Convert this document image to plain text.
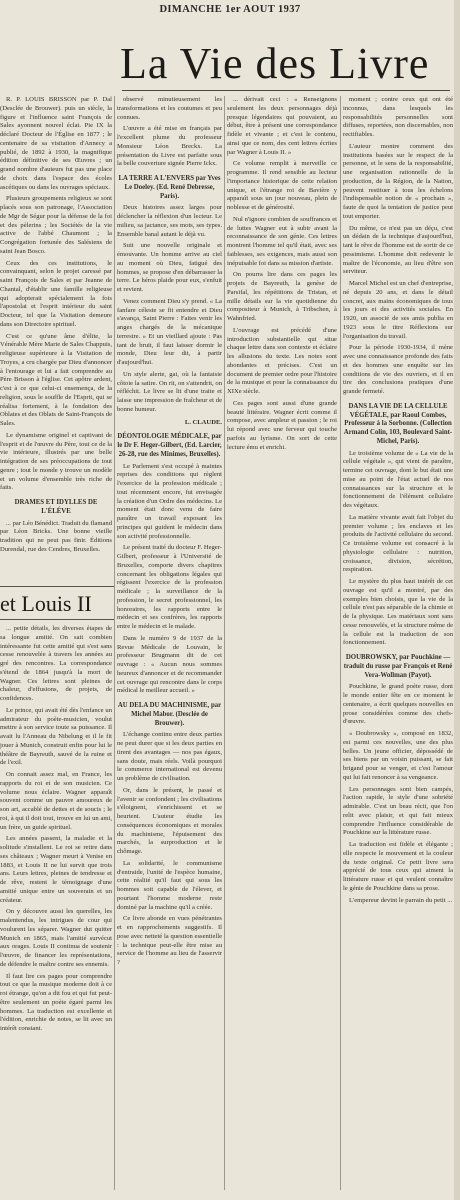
DIMANCHE 1er AOUT 1937
La Vie des Livre

R. P. LOUIS BRISSON par P. Dal (Desclée de Brouwer). puis un siècle, la figure et l'influence saint François de Sales ayonnent nouvel éclat. Pie IX la déclaré Docteur de l'Église en 1877 ; le centenaire de sa visitation d'Annecy a publié, de 1892 à 1930, la magnifique édition définitive de ses Œuvres ; un grand nombre d'auteurs fut pas une place de choix dans l'espace des écoles ascétiques ou dans les ouvrages spéciaux.

Plusieurs groupements religieux se sont placés sous son patronage, l'Association de Mgr de Ségur pour la défense de la foi et des pèlerins ; les Sociétés de la vie active de l'abbé Chaumont ; la Congrégation fortunée des Salésiens de saint Jean Bosco.

Ceux des ces institutions, le convainquant, selon le projet caressé par saint François de Sales et par Jeanne de Chantal, d'établir une famille religieuse qui adopterait spécialement la fois l'apostolat et l'esprit intérieur du saint Docteur, tel que la Visitation demeure dans son Directoire spirituel.

C'est ce qu'une âme d'élite, la Vénérable Mère Marie de Sales Chappuis, religieuse supérieure à la Visitation de Troyes, a cru chargée par Dieu d'annoncer à l'entourage et lui a fait comprendre au Père Brisson à l'église. Cet apôtre ardent, c'est à ce que celui-ci ensemença, de la religion, sous le souffle de l'Esprit, qui se réalisa fortement, à la fondation des Oblates et des Oblats de Saint-François de Sales.

Le dynamisme originel et captivant de l'esprit et de l'œuvre du Père, tout ce de la vie intérieure, illustrés par une belle intégration de ses préoccupations de tout genre ; tout le monde y trouve un modèle et un volume d'ensemble très riche de faits.

DRAMES ET IDYLLES DE L'ÉLÉVE

... par Léo Bénédict. Traduit du flamand par Léon Bricks. Une bonne vieille tradition qui ne peut pas finir. Éditions Durendal, rue des Cendres, Bruxelles.

et Louis II

... petite détails, les diverses étapes de sa longue amitié. On sait combien intéressante fut cette amitié qui s'est sans cesse renouvelée à travers les années au gré des rencontres. La correspondance s'étend de 1864 jusqu'à la mort de Wagner. Ces lettres sont pleines de chaleur, d'effusions, de projets, de confidences.

Le prince, qui avait été dès l'enfance un admirateur du poète-musicien, voulut mettre à son service toute sa puissance. Il avait lu l'Anneau du Nibelung et il le fit jouer à Munich, construit enfin pour lui le théâtre de Bayreuth, sauvé de la ruine et de l'exil.

On connait assez mal, en France, les rapports du roi et de son musicien. Ce volume nous éclaire. Wagner apparaît souvent comme un pauvre amoureux de son art, accablé de dettes et de soucis ; le roi, à qui il doit tout, trouve en lui un ami, un frère, un guide spirituel.

Les années passent, la maladie et la solitude s'installent. Le roi se retire dans ses châteaux ; Wagner meurt à Venise en 1883, et Louis II ne lui survit que trois ans. Leurs lettres, pleines de tendresse et de rêve, restent le témoignage d'une amitié unique entre un souverain et un créateur.

On y découvre aussi les querelles, les malentendus, les intrigues de cour qui voulurent les séparer. Wagner dut quitter Munich en 1865, mais l'amitié survécut aux orages. Louis II continua de soutenir l'œuvre, de financer les représentations, de défendre le maître contre ses ennemis.

Il faut lire ces pages pour comprendre tout ce que la musique moderne doit à ce roi étrange, qu'on a dit fou et qui fut peut-être seulement un poète égaré parmi les hommes. La traduction est excellente et l'édition, enrichie de notes, se lit avec un intérêt constant.

observé minutieusement les transformations et les coutumes et peu connues.

L'œuvre a été mise en français par l'excellent plume du professeur Monsieur Léon Breckx. La présentation du Livre est parfaite sous la belle couverture signée Pierre Ickx.

LA TERRE A L'ENVERS par Yves Le Doeley. (Ed. René Debresse, Paris).

Deux histoires assez larges pour déclencher la réflexion d'un lecteur. Le milieu, sa jactance, ses mots, ses types. Ensemble banal autant le déjà vu.

Suit une nouvelle originale et émouvante. Un homme arrive au ciel au moment où Dieu, fatigué des hommes, se propose d'en débarrasser la terre. Le héros plaide pour eux, s'enfuit et revient.

Venez comment Dieu s'y prend. « La fanfare céleste se fit entendre et Dieu s'avança, Saint Pierre : Faites venir les anges chargés de la mécanique terrestre. » Et un vieillard ajoute : Pas tant de bruit, il faut laisser dormir le monde, Dieu leur dit, à partir d'aujourd'hui.

Un style alerte, gai, où la fantaisie côtoie la satire. On rit, on s'attendrit, on réfléchit. Le livre se lit d'une traite et laisse une impression de fraîcheur et de bonne humeur.

L. CLAUDE.

DÉONTOLOGIE MÉDICALE, par le Dr F. Heger-Gilbert, (Ed. Larcier, 26-28, rue des Minimes, Bruxelles).

Le Parlement s'est occupé à maintes reprises des conditions qui règlent l'exercice de la profession médicale ; tout récemment encore, fut envisagée la création d'un Ordre des médecins. Le moment était donc venu de faire paraître un travail exposant les principes qui guident le médecin dans son activité professionnelle.

Le présent traité du docteur F. Heger-Gilbert, professeur à l'Université de Bruxelles, comporte divers chapitres concernant les obligations légales qui régissent l'exercice de la profession médicale ; la surveillance de la profession, le secret professionnel, les honoraires, les rapports entre le médecin et ses confrères, les rapports entre le médecin et le malade.

Dans le numéro 9 de 1937 de la Revue Médicale de Louvain, le professeur Brugmann dit de cet ouvrage : « Aucun nous sommes heureux d'annoncer et de recommander cet ouvrage qui rencontre dans le corps médical le meilleur accueil. »

AU DELA DU MACHINISME, par Michel Mabor. (Desclée de Brouwer).

L'échange continu entre deux parties ne peut durer que si les deux parties en tirent des avantages — nos pas égaux, sans doute, mais réels. Voilà pourquoi le commerce international est devenu un problème de civilisation.

Or, dans le présent, le passé et l'avenir se confondent ; les civilisations s'éloignent, s'enrichissent et se heurtent. L'auteur étudie les conséquences économiques et morales du machinisme, l'épuisement des marchés, la surproduction et le chômage.

La solidarité, le communisme d'entraide, l'unité de l'espèce humaine, cette réalité qu'il faut qui sous les hommes soit capable de l'élever, et pourtant l'homme moderne reste dominé par la machine qu'il a créée.

Ce livre abonde en vues pénétrantes et en rapprochements suggestifs. Il pose avec netteté la question essentielle : la technique peut-elle être mise au service de l'homme au lieu de l'asservir ?

... dérivait ceci : « Renseignons seulement les deux personnages déjà presque légendaires qui pouvaient, au début, être à présent une correspondance fidèle et vivante ; et c'est le contenu, ainsi que ce nom, des cent lettres écrites par Wagner à Louis II. »

Ce volume remplit à merveille ce programme. Il rend sensible au lecteur l'importance historique de cette relation unique, et l'étrange roi de Bavière y apparaît sous un jour nouveau, plein de noblesse et de générosité.

Nul n'ignore combien de souffrances et de luttes Wagner eut à subir avant la reconnaissance de son génie. Ces lettres montrent l'homme tel qu'il était, avec ses faiblesses, ses exigences, mais aussi son inépuisable foi dans sa mission d'artiste.

On pourra lire dans ces pages les projets de Bayreuth, la genèse de Parsifal, les répétitions de Tristan, et mille détails sur la vie quotidienne du compositeur à Munich, à Tribschen, à Wahnfried.

L'ouvrage est précédé d'une introduction substantielle qui situe chaque lettre dans son contexte et éclaire les allusions du texte. Les notes sont abondantes et précises. C'est un document de premier ordre pour l'histoire de la musique et pour la connaissance du XIXe siècle.

Ces pages sont aussi d'une grande beauté littéraire. Wagner écrit comme il compose, avec ampleur et passion ; le roi lui répond avec une ferveur qui touche parfois au lyrisme. On sort de cette lecture ému et enrichi.

moment ; contre ceux qui ont été inconnus, dans lesquels les responsabilités personnelles sont diffuses, reportées, non discernables, non rectifiables.

L'auteur montre comment des institutions basées sur le respect de la personne, et le sens de la responsabilité, une organisation rationnelle de la production, de la Région, de la Nation, peuvent restituer à tous les échelons l'indispensable notion de « prochain », faute de quoi la tentation de justice peut tout emporter.

Du même, ce n'est pas un déçu, c'est un dédain de la technique d'aujourd'hui, tant le rêve de l'homme est de sortir de ce pessimisme. L'homme doit redevenir le maître de l'économie, au lieu d'être son serviteur.

Marcel Michel est un chef d'entreprise, né depuis 20 ans, et dans le détail concret, aux mains économiques de tous les jours et des activités sociales. En 1920, un associé de ses amis publia en 1923 sous le titre Réflexions sur l'organisation du travail.

Pour la période 1930-1934, il mène avec une connaissance profonde des faits et des hommes une enquête sur les conditions de vie des ouvriers, et il en tire des conclusions pratiques d'une grande fermeté.

DANS LA VIE DE LA CELLULE VÉGÉTALE, par Raoul Combes, Professeur à la Sorbonne. (Collection Armand Colin, 103, Boulevard Saint-Michel, Paris).

Le troisième volume de « La vie de la cellule végétale », qui vient de paraître, termine cet ouvrage, dont le but était une mise au point de l'état actuel de nos connaissances sur la structure et le fonctionnement de l'élément cellulaire des végétaux.

La matière vivante avait fait l'objet du premier volume ; les enclaves et les produits de l'activité cellulaire du second. Ce troisième volume est consacré à la physiologie cellulaire : nutrition, croissance, division, sécrétion, respiration.

Le mystère du plus haut intérêt de cet ouvrage est qu'il a montré, par des exemples bien choisis, que la vie de la cellule n'est pas séparable de la chimie et de la physique. Les matériaux sont sans cesse renouvelés, et la structure même de la cellule est la traduction de son fonctionnement.

DOUBROWSKY, par Pouchkine — traduit du russe par François et René Vera-Wollman (Payot).

Pouchkine, le grand poète russe, dont le monde entier fête en ce moment le centenaire, a écrit quelques nouvelles en prose considérées comme des chefs-d'œuvre.

« Doubrowsky », composé en 1832, est parmi ces nouvelles, une des plus belles. Un jeune officier, dépossédé de ses biens par un voisin puissant, se fait brigand pour se venger, et c'est l'amour qui lui fait renoncer à sa vengeance.

Les personnages sont bien campés, l'action rapide, le style d'une sobriété admirable. C'est un beau récit, que l'on relit avec plaisir, et qui fait mieux comprendre l'influence considérable de Pouchkine sur la littérature russe.

La traduction est fidèle et élégante ; elle respecte le mouvement et la couleur du texte original. Ce petit livre sera apprécié de tous ceux qui aiment la littérature russe et qui veulent connaître le génie de Pouchkine dans sa prose.

L'empereur devint le parrain du petit ...
